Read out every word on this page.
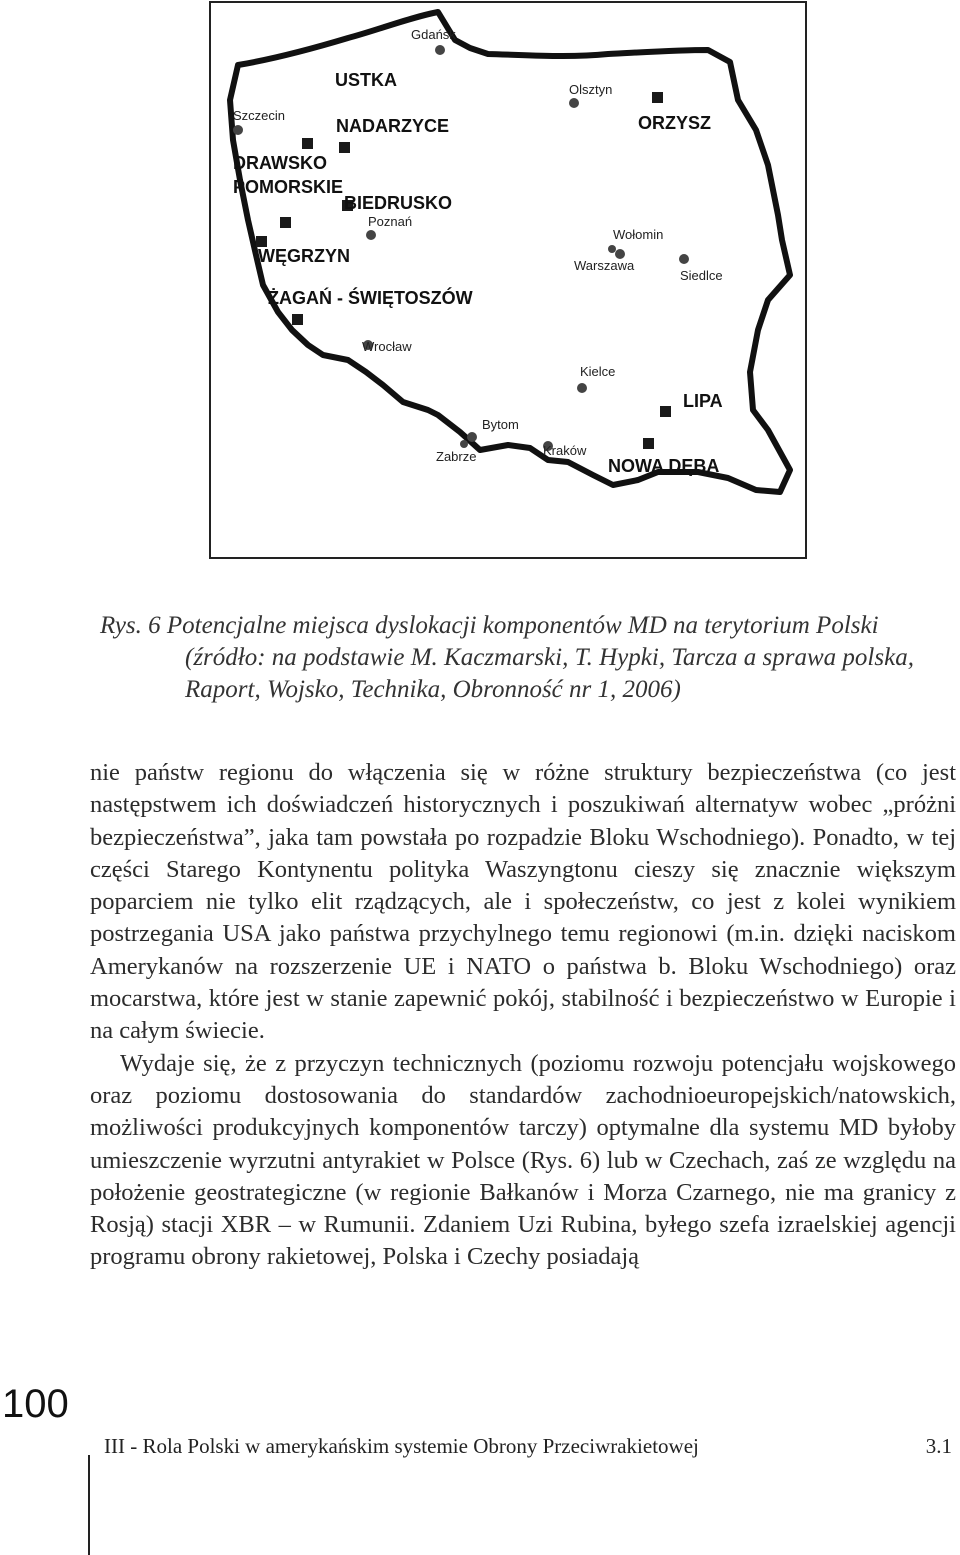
Gdańsk
Olsztyn
Szczecin
Poznań
Wołomin
Warszawa
Siedlce
Wrocław
Kielce
Bytom
Zabrze	Kraków
USTKA
NADARZYCE	ORZYSZ
DRAWSKO
POMORSKIE
BIEDRUSKO
WĘGRZYN
ŻAGAŃ - ŚWIĘTOSZÓW
LIPA
NOWA DĘBA
Rys. 6 Potencjalne miejsca dyslokacji komponentów MD na terytorium Polski
(źródło: na podstawie M. Kaczmarski, T. Hypki, Tarcza a sprawa polska,
Raport, Wojsko, Technika, Obronność nr 1, 2006)

nie państw regionu do włączenia się w różne struktury bezpieczeństwa (co jest następstwem ich doświadczeń historycznych i poszukiwań alternatyw wobec „próżni bezpieczeństwa”, jaka tam powstała po rozpadzie Bloku Wschodniego). Ponadto, w tej części Starego Kontynentu polityka Waszyngtonu cieszy się znacznie większym poparciem nie tylko elit rządzących, ale i społeczeństw, co jest z kolei wynikiem postrzegania USA jako państwa przychylnego temu regionowi (m.in. dzięki naciskom Amerykanów na rozszerzenie UE i NATO o państwa b. Bloku Wschodniego) oraz mocarstwa, które jest w stanie zapewnić pokój, stabilność i bezpieczeństwo w Europie i na całym świecie.

Wydaje się, że z przyczyn technicznych (poziomu rozwoju potencjału wojskowego oraz poziomu dostosowania do standardów zachodnioeuropejskich/natowskich, możliwości produkcyjnych komponentów tarczy) optymalne dla systemu MD byłoby umieszczenie wyrzutni antyrakiet w Polsce (Rys. 6) lub w Czechach, zaś ze względu na położenie geostrategiczne (w regionie Bałkanów i Morza Czarnego, nie ma granicy z Rosją) stacji XBR – w Rumunii. Zdaniem Uzi Rubina, byłego szefa izraelskiej agencji programu obrony rakietowej, Polska i Czechy posiadają

100
III - Rola Polski w amerykańskim systemie Obrony Przeciwrakietowej	3.1
